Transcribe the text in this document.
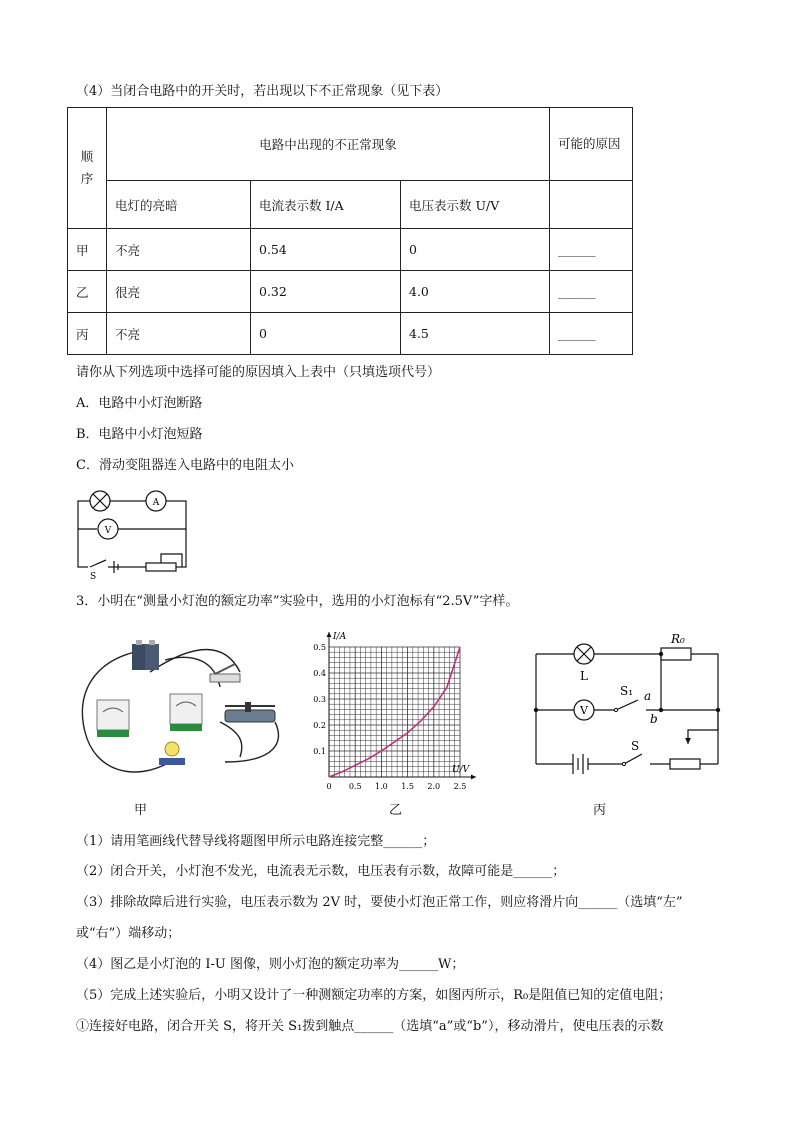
（4）当闭合电路中的开关时，若出现以下不正常现象（见下表）
顺序	电路中出现的不正常现象			可能的原因
	电灯的亮暗	电流表示数 I/A	电压表示数 U/V	
甲	不亮	0.54	0	______
乙	很亮	0.32	4.0	______
丙	不亮	0	4.5	______
请你从下列选项中选择可能的原因填入上表中（只填选项代号）
A．电路中小灯泡断路
B．电路中小灯泡短路
C．滑动变阻器连入电路中的电阻太小
A
V
S
3．小明在“测量小灯泡的额定功率”实验中，选用的小灯泡标有“2.5V”字样。
0 0.5 1.0 1.5 2.0 2.5
0.1
0.2
0.3
0.4
0.5
I/A
U/V
L
R₀
V
S₁ a
b
S
甲	乙	丙
（1）请用笔画线代替导线将题图甲所示电路连接完整______；
（2）闭合开关，小灯泡不发光，电流表无示数，电压表有示数，故障可能是______；
（3）排除故障后进行实验，电压表示数为 2V 时，要使小灯泡正常工作，则应将滑片向______（选填“左”
或“右”）端移动；
（4）图乙是小灯泡的 I-U 图像，则小灯泡的额定功率为______W；
（5）完成上述实验后，小明又设计了一种测额定功率的方案，如图丙所示，R₀是阻值已知的定值电阻；
①连接好电路，闭合开关 S，将开关 S₁拨到触点______（选填“a”或“b”），移动滑片，使电压表的示数
